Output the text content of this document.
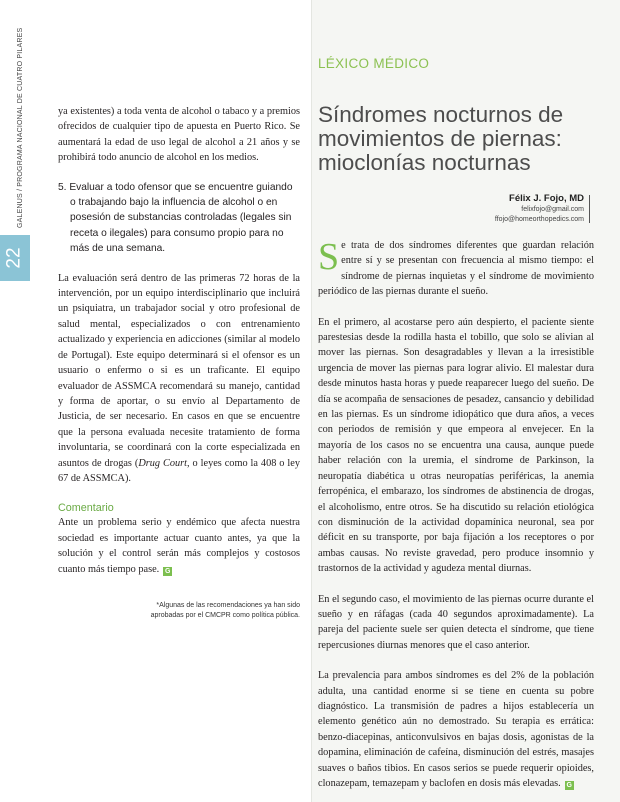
22
GALENUS / PROGRAMA NACIONAL DE CUATRO PILARES	ya existentes) a toda venta de alcohol o tabaco y a premios ofrecidos de cualquier tipo de apuesta en Puerto Rico. Se aumentará la edad de uso legal de alcohol a 21 años y se prohibirá todo anuncio de alcohol en los medios.

5. Evaluar a todo ofensor que se encuentre guiando o trabajando bajo la influencia de alcohol o en posesión de substancias controladas (legales sin receta o ilegales) para consumo propio para no más de una semana.

La evaluación será dentro de las primeras 72 horas de la intervención, por un equipo interdisciplinario que incluirá un psiquiatra, un trabajador social y otro profesional de salud mental, especializados o con entrenamiento actualizado y experiencia en adicciones (similar al modelo de Portugal). Este equipo determinará si el ofensor es un usuario o enfermo o si es un traficante. El equipo evaluador de ASSMCA recomendará su manejo, cantidad y forma de aportar, o su envío al Departamento de Justicia, de ser necesario. En casos en que se encuentre que la persona evaluada necesite tratamiento de forma involuntaria, se coordinará con la corte especializada en asuntos de drogas (Drug Court, o leyes como la 408 o ley 67 de ASSMCA).

Comentario

Ante un problema serio y endémico que afecta nuestra sociedad es importante actuar cuanto antes, ya que la solución y el control serán más complejos y costosos cuanto más tiempo pase. G

*Algunas de las recomendaciones ya han sido
aprobadas por el CMCPR como política pública.
LÉXICO MÉDICO
Síndromes nocturnos de movimientos de piernas: mioclonías nocturnas
Félix J. Fojo, MD
felixfojo@gmail.com
ffojo@homeorthopedics.com

Se trata de dos síndromes diferentes que guardan relación entre sí y se presentan con frecuencia al mismo tiempo: el síndrome de piernas inquietas y el síndrome de movimiento periódico de las piernas durante el sueño.

En el primero, al acostarse pero aún despierto, el paciente siente parestesias desde la rodilla hasta el tobillo, que solo se alivian al mover las piernas. Son desagradables y llevan a la irresistible urgencia de mover las piernas para lograr alivio. El malestar dura desde minutos hasta horas y puede reaparecer luego del sueño. De día se acompaña de sensaciones de pesadez, cansancio y debilidad en las piernas. Es un síndrome idiopático que dura años, a veces con periodos de remisión y que empeora al envejecer. En la mayoría de los casos no se encuentra una causa, aunque puede haber relación con la uremia, el síndrome de Parkinson, la neuropatía diabética u otras neuropatías periféricas, la anemia ferropénica, el embarazo, los síndromes de abstinencia de drogas, el alcoholismo, entre otros. Se ha discutido su relación etiológica con disminución de la actividad dopamínica neuronal, sea por déficit en su transporte, por baja fijación a los receptores o por ambas causas. No reviste gravedad, pero produce insomnio y trastornos de la actividad y agudeza mental diurnas.

En el segundo caso, el movimiento de las piernas ocurre durante el sueño y en ráfagas (cada 40 segundos aproximadamente). La pareja del paciente suele ser quien detecta el síndrome, que tiene repercusiones diurnas menores que el caso anterior.

La prevalencia para ambos síndromes es del 2% de la población adulta, una cantidad enorme si se tiene en cuenta su pobre diagnóstico. La transmisión de padres a hijos establecería un elemento genético aún no demostrado. Su terapia es errática: benzo-diacepinas, anticonvulsivos en bajas dosis, agonistas de la dopamina, eliminación de cafeína, disminución del estrés, masajes suaves o baños tibios. En casos serios se puede requerir opioides, clonazepam, temazepam y baclofen en dosis más elevadas. G
